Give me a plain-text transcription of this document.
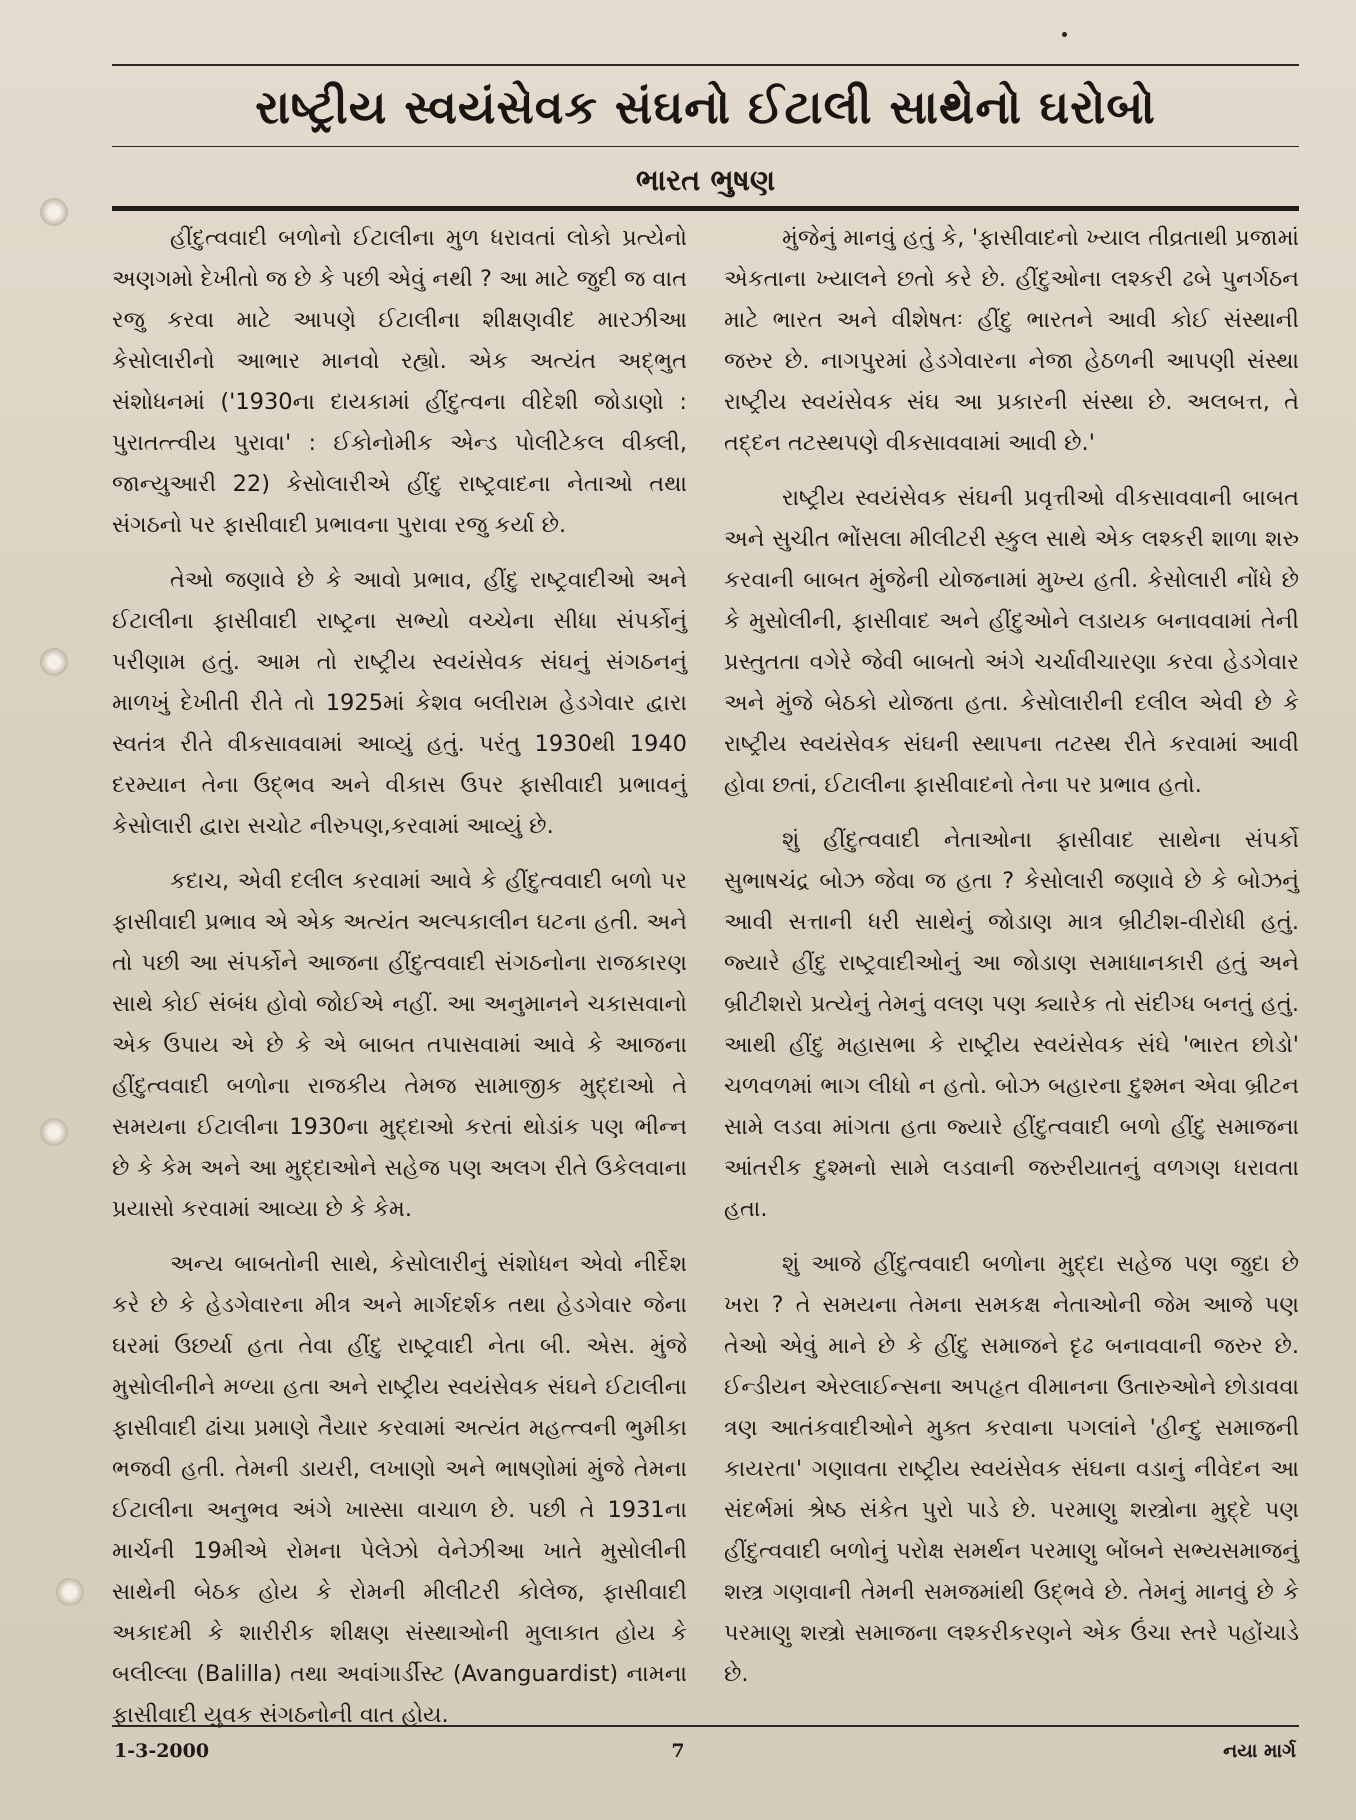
રાષ્ટ્રીય સ્વયંસેવક સંઘનો ઈટાલી સાથેનો ઘરોબો
ભારત ભુષણ

હીંદુત્વવાદી બળોનો ઈટાલીના મુળ ધરાવતાં લોકો પ્રત્યેનો અણગમો દેખીતો જ છે કે પછી એવું નથી ? આ માટે જુદી જ વાત રજુ કરવા માટે આપણે ઈટાલીના શીક્ષણવીદ મારઝીઆ કેસોલારીનો આભાર માનવો રહ્યો. એક અત્યંત અદ્ભુત સંશોધનમાં ('1930ના દાયકામાં હીંદુત્વના વીદેશી જોડાણો : પુરાતત્ત્વીય પુરાવા' : ઈકોનોમીક એન્ડ પોલીટેકલ વીક્લી, જાન્યુઆરી 22) કેસોલારીએ હીંદુ રાષ્ટ્રવાદના નેતાઓ તથા સંગઠનો પર ફાસીવાદી પ્રભાવના પુરાવા રજુ કર્યા છે.

તેઓ જણાવે છે કે આવો પ્રભાવ, હીંદુ રાષ્ટ્રવાદીઓ અને ઈટાલીના ફાસીવાદી રાષ્ટ્રના સભ્યો વચ્ચેના સીધા સંપર્કોનું પરીણામ હતું. આમ તો રાષ્ટ્રીય સ્વયંસેવક સંઘનું સંગઠનનું માળખું દેખીતી રીતે તો 1925માં કેશવ બલીરામ હેડગેવાર દ્વારા સ્વતંત્ર રીતે વીકસાવવામાં આવ્યું હતું. પરંતુ 1930થી 1940 દરમ્યાન તેના ઉદ્ભવ અને વીકાસ ઉપર ફાસીવાદી પ્રભાવનું કેસોલારી દ્વારા સચોટ નીરુપણ,કરવામાં આવ્યું છે.

કદાચ, એવી દલીલ કરવામાં આવે કે હીંદુત્વવાદી બળો પર ફાસીવાદી પ્રભાવ એ એક અત્યંત અલ્પકાલીન ઘટના હતી. અને તો પછી આ સંપર્કોને આજના હીંદુત્વવાદી સંગઠનોના રાજકારણ સાથે કોઈ સંબંધ હોવો જોઈએ નહીં. આ અનુમાનને ચકાસવાનો એક ઉપાય એ છે કે એ બાબત તપાસવામાં આવે કે આજના હીંદુત્વવાદી બળોના રાજકીય તેમજ સામાજીક મુદ્દાઓ તે સમયના ઈટાલીના 1930ના મુદ્દાઓ કરતાં થોડાંક પણ ભીન્ન છે કે કેમ અને આ મુદ્દાઓને સહેજ પણ અલગ રીતે ઉકેલવાના પ્રયાસો કરવામાં આવ્યા છે કે કેમ.

અન્ય બાબતોની સાથે, કેસોલારીનું સંશોધન એવો નીર્દેશ કરે છે કે હેડગેવારના મીત્ર અને માર્ગદર્શક તથા હેડગેવાર જેના ઘરમાં ઉછર્યા હતા તેવા હીંદુ રાષ્ટ્રવાદી નેતા બી. એસ. મુંજે મુસોલીનીને મળ્યા હતા અને રાષ્ટ્રીય સ્વયંસેવક સંઘને ઈટાલીના ફાસીવાદી ઢાંચા પ્રમાણે તૈયાર કરવામાં અત્યંત મહત્ત્વની ભુમીકા ભજવી હતી. તેમની ડાયરી, લખાણો અને ભાષણોમાં મુંજે તેમના ઈટાલીના અનુભવ અંગે ખાસ્સા વાચાળ છે. પછી તે 1931ના માર્ચની 19મીએ રોમના પેલેઝો વેનેઝીઆ ખાતે મુસોલીની સાથેની બેઠક હોય કે રોમની મીલીટરી કોલેજ, ફાસીવાદી અકાદમી કે શારીરીક શીક્ષણ સંસ્થાઓની મુલાકાત હોય કે બલીલ્લા (Balilla) તથા અવાંગાર્ડીસ્ટ (Avanguardist) નામના ફાસીવાદી યુવક સંગઠનોની વાત હોય.

મુંજેનું માનવું હતું કે, 'ફાસીવાદનો ખ્યાલ તીવ્રતાથી પ્રજામાં એકતાના ખ્યાલને છતો કરે છે. હીંદુઓના લશ્કરી ઢબે પુનર્ગઠન માટે ભારત અને વીશેષતઃ હીંદુ ભારતને આવી કોઈ સંસ્થાની જરુર છે. નાગપુરમાં હેડગેવારના નેજા હેઠળની આપણી સંસ્થા રાષ્ટ્રીય સ્વયંસેવક સંઘ આ પ્રકારની સંસ્થા છે. અલબત્ત, તે તદ્દન તટસ્થપણે વીકસાવવામાં આવી છે.'

રાષ્ટ્રીય સ્વયંસેવક સંઘની પ્રવૃત્તીઓ વીકસાવવાની બાબત અને સુચીત ભોંસલા મીલીટરી સ્કુલ સાથે એક લશ્કરી શાળા શરુ કરવાની બાબત મુંજેની યોજનામાં મુખ્ય હતી. કેસોલારી નોંધે છે કે મુસોલીની, ફાસીવાદ અને હીંદુઓને લડાયક બનાવવામાં તેની પ્રસ્તુતતા વગેરે જેવી બાબતો અંગે ચર્ચાવીચારણા કરવા હેડગેવાર અને મુંજે બેઠકો યોજતા હતા. કેસોલારીની દલીલ એવી છે કે રાષ્ટ્રીય સ્વયંસેવક સંઘની સ્થાપના તટસ્થ રીતે કરવામાં આવી હોવા છતાં, ઈટાલીના ફાસીવાદનો તેના પર પ્રભાવ હતો.

શું હીંદુત્વવાદી નેતાઓના ફાસીવાદ સાથેના સંપર્કો સુભાષચંદ્ર બોઝ જેવા જ હતા ? કેસોલારી જણાવે છે કે બોઝનું આવી સત્તાની ધરી સાથેનું જોડાણ માત્ર બ્રીટીશ-વીરોધી હતું. જ્યારે હીંદુ રાષ્ટ્રવાદીઓનું આ જોડાણ સમાધાનકારી હતું અને બ્રીટીશરો પ્રત્યેનું તેમનું વલણ પણ ક્યારેક તો સંદીગ્ધ બનતું હતું. આથી હીંદુ મહાસભા કે રાષ્ટ્રીય સ્વયંસેવક સંઘે 'ભારત છોડો' ચળવળમાં ભાગ લીધો ન હતો. બોઝ બહારના દુશ્મન એવા બ્રીટન સામે લડવા માંગતા હતા જ્યારે હીંદુત્વવાદી બળો હીંદુ સમાજના આંતરીક દુશ્મનો સામે લડવાની જરુરીયાતનું વળગણ ધરાવતા હતા.

શું આજે હીંદુત્વવાદી બળોના મુદ્દા સહેજ પણ જુદા છે ખરા ? તે સમયના તેમના સમકક્ષ નેતાઓની જેમ આજે પણ તેઓ એવું માને છે કે હીંદુ સમાજને દૃઢ બનાવવાની જરુર છે. ઈન્ડીયન એરલાઈન્સના અપહૃત વીમાનના ઉતારુઓને છોડાવવા ત્રણ આતંકવાદીઓને મુક્ત કરવાના પગલાંને 'હીન્દુ સમાજની કાયરતા' ગણાવતા રાષ્ટ્રીય સ્વયંસેવક સંઘના વડાનું નીવેદન આ સંદર્ભમાં શ્રેષ્ઠ સંકેત પુરો પાડે છે. પરમાણુ શસ્ત્રોના મુદ્દે પણ હીંદુત્વવાદી બળોનું પરોક્ષ સમર્થન પરમાણુ બોંબને સભ્યસમાજનું શસ્ત્ર ગણવાની તેમની સમજમાંથી ઉદ્ભવે છે. તેમનું માનવું છે કે પરમાણુ શસ્ત્રો સમાજના લશ્કરીકરણને એક ઉંચા સ્તરે પહોંચાડે છે.

7
1-3-2000	નયા માર્ગ
